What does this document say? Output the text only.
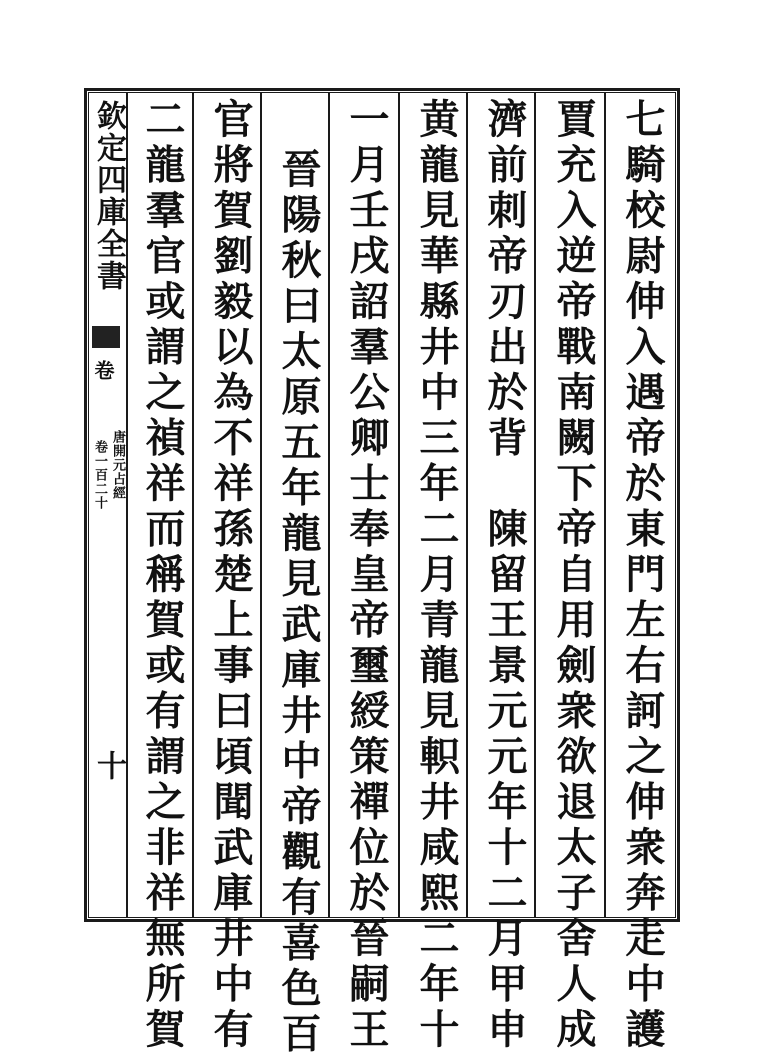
欽定四庫全書
卷
唐開元占經
卷一百二十
十	七騎校尉伸入遇帝於東門左右訶之伸衆奔走中護
賈充入逆帝戰南闕下帝自用劍衆欲退太子舍人成
濟前刺帝刃出於背　陳留王景元元年十二月甲申
黄龍見華縣井中三年二月青龍見軹井咸熙二年十
一月壬戌詔羣公卿士奉皇帝璽綬策禪位於晉嗣王
晉陽秋曰太原五年龍見武庫井中帝觀有喜色百
官將賀劉毅以為不祥孫楚上事曰頃聞武庫井中有
二龍羣官或謂之禎祥而稱賀或有謂之非祥無所賀
